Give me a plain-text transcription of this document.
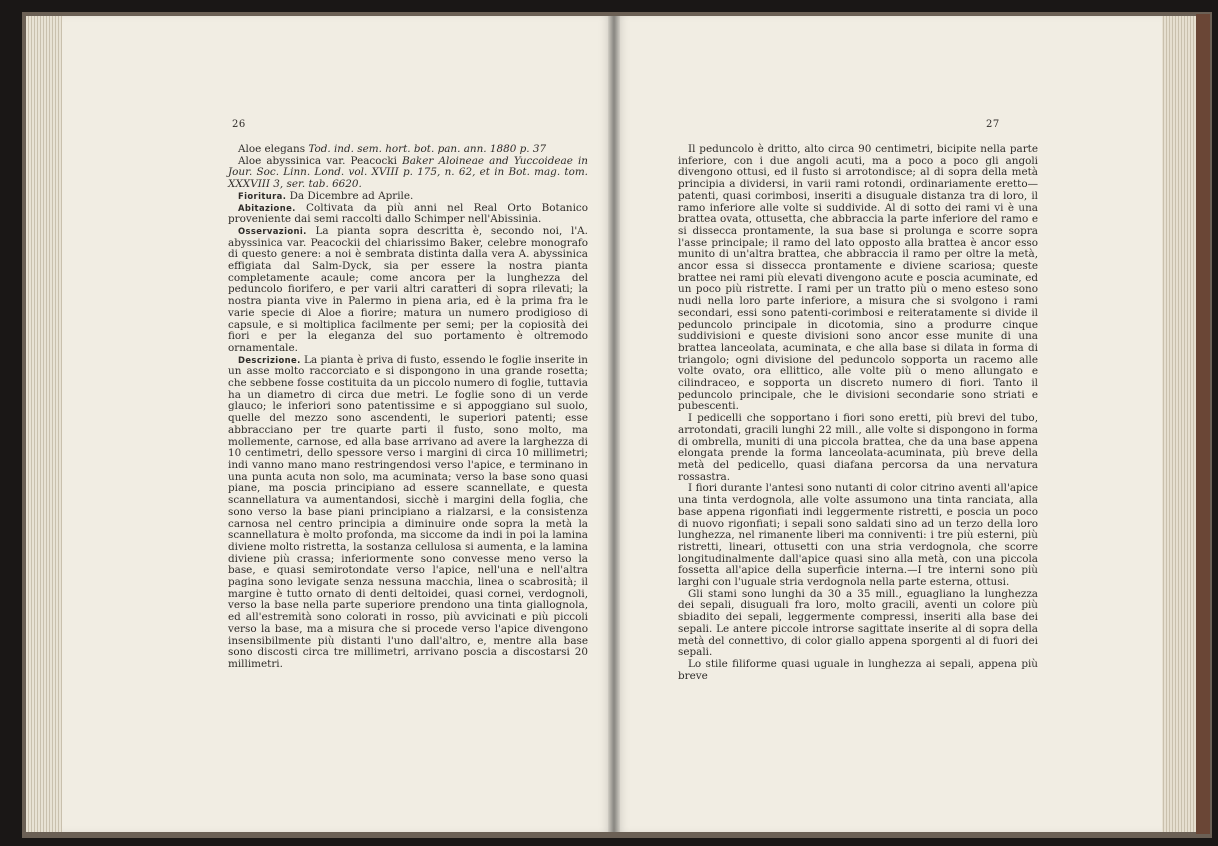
26

Aloe elegans Tod. ind. sem. hort. bot. pan. ann. 1880 p. 37

Aloe abyssinica var. Peacocki Baker Aloineae and Yuccoideae in Jour. Soc. Linn. Lond. vol. XVIII p. 175, n. 62, et in Bot. mag. tom. XXXVIII 3, ser. tab. 6620.

Fioritura. Da Dicembre ad Aprile.

Abitazione. Coltivata da più anni nel Real Orto Botanico proveniente dai semi raccolti dallo Schimper nell'Abissinia.

Osservazioni. La pianta sopra descritta è, secondo noi, l'A. abyssinica var. Peacockii del chiarissimo Baker, celebre monografo di questo genere: a noi è sembrata distinta dalla vera A. abyssinica effigiata dal Salm-Dyck, sia per essere la nostra pianta completamente acaule; come ancora per la lunghezza del peduncolo fiorifero, e per varii altri caratteri di sopra rilevati; la nostra pianta vive in Palermo in piena aria, ed è la prima fra le varie specie di Aloe a fiorire; matura un numero prodigioso di capsule, e si moltiplica facilmente per semi; per la copiosità dei fiori e per la eleganza del suo portamento è oltremodo ornamentale.

Descrizione. La pianta è priva di fusto, essendo le foglie inserite in un asse molto raccorciato e si dispongono in una grande rosetta; che sebbene fosse costituita da un piccolo numero di foglie, tuttavia ha un diametro di circa due metri. Le foglie sono di un verde glauco; le inferiori sono patentissime e si appoggiano sul suolo, quelle del mezzo sono ascendenti, le superiori patenti; esse abbracciano per tre quarte parti il fusto, sono molto, ma mollemente, carnose, ed alla base arrivano ad avere la larghezza di 10 centimetri, dello spessore verso i margini di circa 10 millimetri; indi vanno mano mano restringendosi verso l'apice, e terminano in una punta acuta non solo, ma acuminata; verso la base sono quasi piane, ma poscia principiano ad essere scannellate, e questa scannellatura va aumentandosi, sicchè i margini della foglia, che sono verso la base piani principiano a rialzarsi, e la consistenza carnosa nel centro principia a diminuire onde sopra la metà la scannellatura è molto profonda, ma siccome da indi in poi la lamina diviene molto ristretta, la sostanza cellulosa si aumenta, e la lamina diviene più crassa; inferiormente sono convesse meno verso la base, e quasi semirotondate verso l'apice, nell'una e nell'altra pagina sono levigate senza nessuna macchia, linea o scabrosità; il margine è tutto ornato di denti deltoidei, quasi cornei, verdognoli, verso la base nella parte superiore prendono una tinta giallognola, ed all'estremità sono colorati in rosso, più avvicinati e più piccoli verso la base, ma a misura che si procede verso l'apice divengono insensibilmente più distanti l'uno dall'altro, e, mentre alla base sono discosti circa tre millimetri, arrivano poscia a discostarsi 20 millimetri.

27

Il peduncolo è dritto, alto circa 90 centimetri, bicipite nella parte inferiore, con i due angoli acuti, ma a poco a poco gli angoli divengono ottusi, ed il fusto si arrotondisce; al di sopra della metà principia a dividersi, in varii rami rotondi, ordinariamente eretto—patenti, quasi corimbosi, inseriti a disuguale distanza tra di loro, il ramo inferiore alle volte si suddivide. Al di sotto dei rami vi è una brattea ovata, ottusetta, che abbraccia la parte inferiore del ramo e si dissecca prontamente, la sua base si prolunga e scorre sopra l'asse principale; il ramo del lato opposto alla brattea è ancor esso munito di un'altra brattea, che abbraccia il ramo per oltre la metà, ancor essa si dissecca prontamente e diviene scariosa; queste brattee nei rami più elevati divengono acute e poscia acuminate, ed un poco più ristrette. I rami per un tratto più o meno esteso sono nudi nella loro parte inferiore, a misura che si svolgono i rami secondari, essi sono patenti-corimbosi e reiteratamente si divide il peduncolo principale in dicotomia, sino a produrre cinque suddivisioni e queste divisioni sono ancor esse munite di una brattea lanceolata, acuminata, e che alla base si dilata in forma di triangolo; ogni divisione del peduncolo sopporta un racemo alle volte ovato, ora ellittico, alle volte più o meno allungato e cilindraceo, e sopporta un discreto numero di fiori. Tanto il peduncolo principale, che le divisioni secondarie sono striati e pubescenti.

I pedicelli che sopportano i fiori sono eretti, più brevi del tubo, arrotondati, gracili lunghi 22 mill., alle volte si dispongono in forma di ombrella, muniti di una piccola brattea, che da una base appena elongata prende la forma lanceolata-acuminata, più breve della metà del pedicello, quasi diafana percorsa da una nervatura rossastra.

I fiori durante l'antesi sono nutanti di color citrino aventi all'apice una tinta verdognola, alle volte assumono una tinta ranciata, alla base appena rigonfiati indi leggermente ristretti, e poscia un poco di nuovo rigonfiati; i sepali sono saldati sino ad un terzo della loro lunghezza, nel rimanente liberi ma conniventi: i tre più esterni, più ristretti, lineari, ottusetti con una stria verdognola, che scorre longitudinalmente dall'apice quasi sino alla metà, con una piccola fossetta all'apice della superficie interna.—I tre interni sono più larghi con l'uguale stria verdognola nella parte esterna, ottusi.

Gli stami sono lunghi da 30 a 35 mill., eguagliano la lunghezza dei sepali, disuguali fra loro, molto gracili, aventi un colore più sbiadito dei sepali, leggermente compressi, inseriti alla base dei sepali. Le antere piccole introrse sagittate inserite al di sopra della metà del connettivo, di color giallo appena sporgenti al di fuori dei sepali.

Lo stile filiforme quasi uguale in lunghezza ai sepali, appena più breve
